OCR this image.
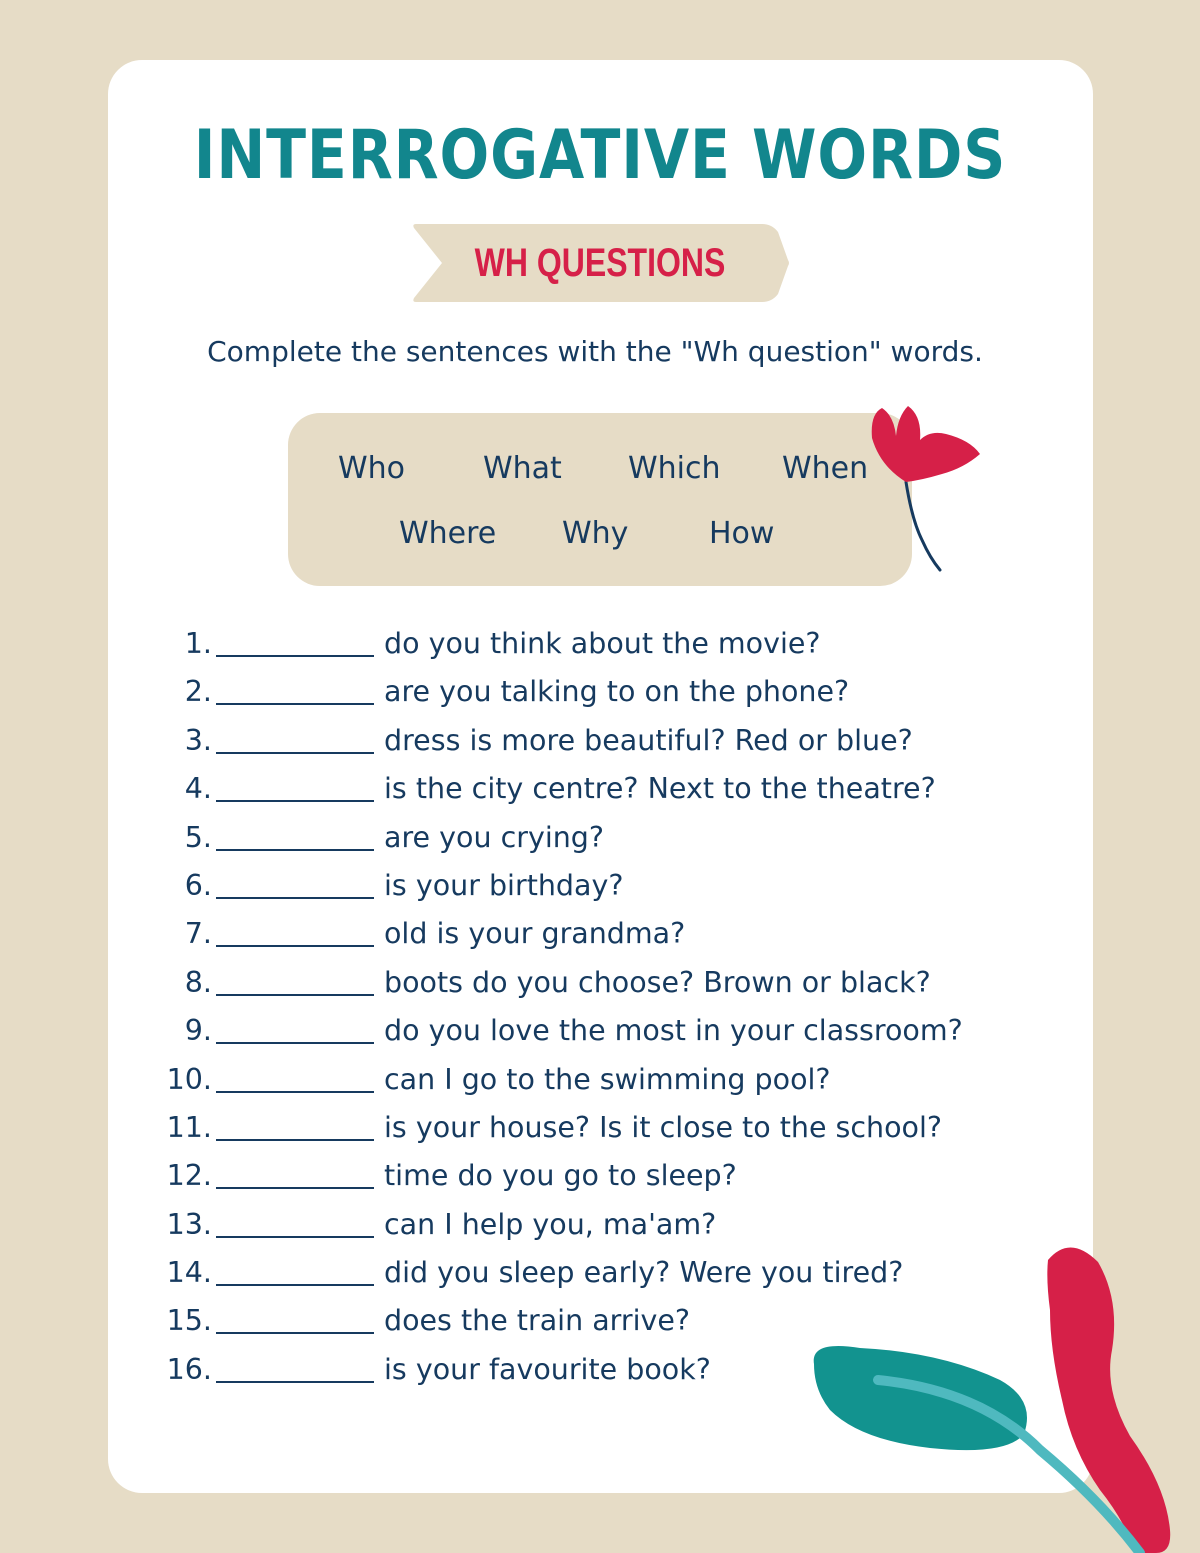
INTERROGATIVE WORDS
WH QUESTIONS
Complete the sentences with the "Wh question" words.
Who	What Which When
Where Why	How
1.	do you think about the movie?
2.	are you talking to on the phone?
3.	dress is more beautiful? Red or blue?
4.	is the city centre? Next to the theatre?
5.	are you crying?
6.	is your birthday?
7.	old is your grandma?
8.	boots do you choose? Brown or black?
9.	do you love the most in your classroom?
10.	can I go to the swimming pool?
11.	is your house? Is it close to the school?
12.	time do you go to sleep?
13.	can I help you, ma'am?
14.	did you sleep early? Were you tired?
15.	does the train arrive?
16.	is your favourite book?
